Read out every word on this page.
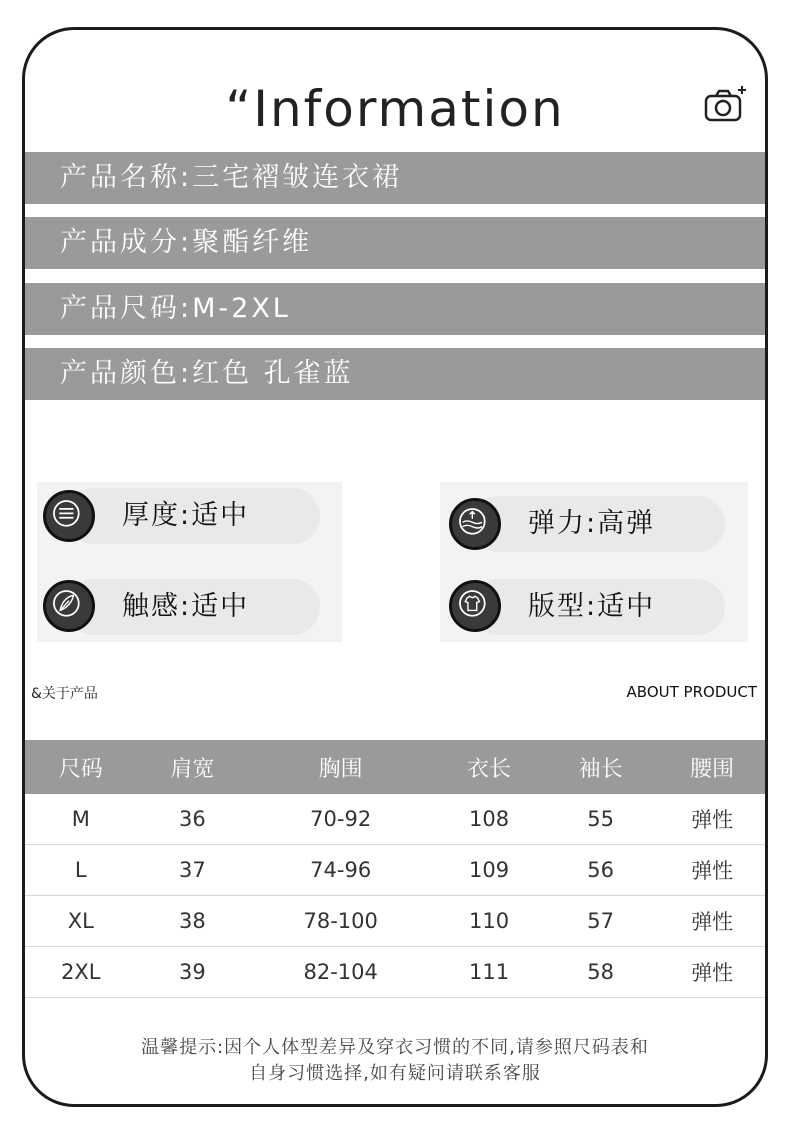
“Information
产品名称:三宅褶皱连衣裙
产品成分:聚酯纤维
产品尺码:M-2XL
产品颜色:红色 孔雀蓝
厚度:适中	弹力:高弹
触感:适中	版型:适中
&关于产品	ABOUT PRODUCT
尺码	肩宽	胸围	衣长	袖长	腰围
M	36	70-92	108	55	弹性
L	37	74-96	109	56	弹性
XL	38	78-100	110	57	弹性
2XL	39	82-104	111	58	弹性
温馨提示:因个人体型差异及穿衣习惯的不同,请参照尺码表和
自身习惯选择,如有疑问请联系客服
